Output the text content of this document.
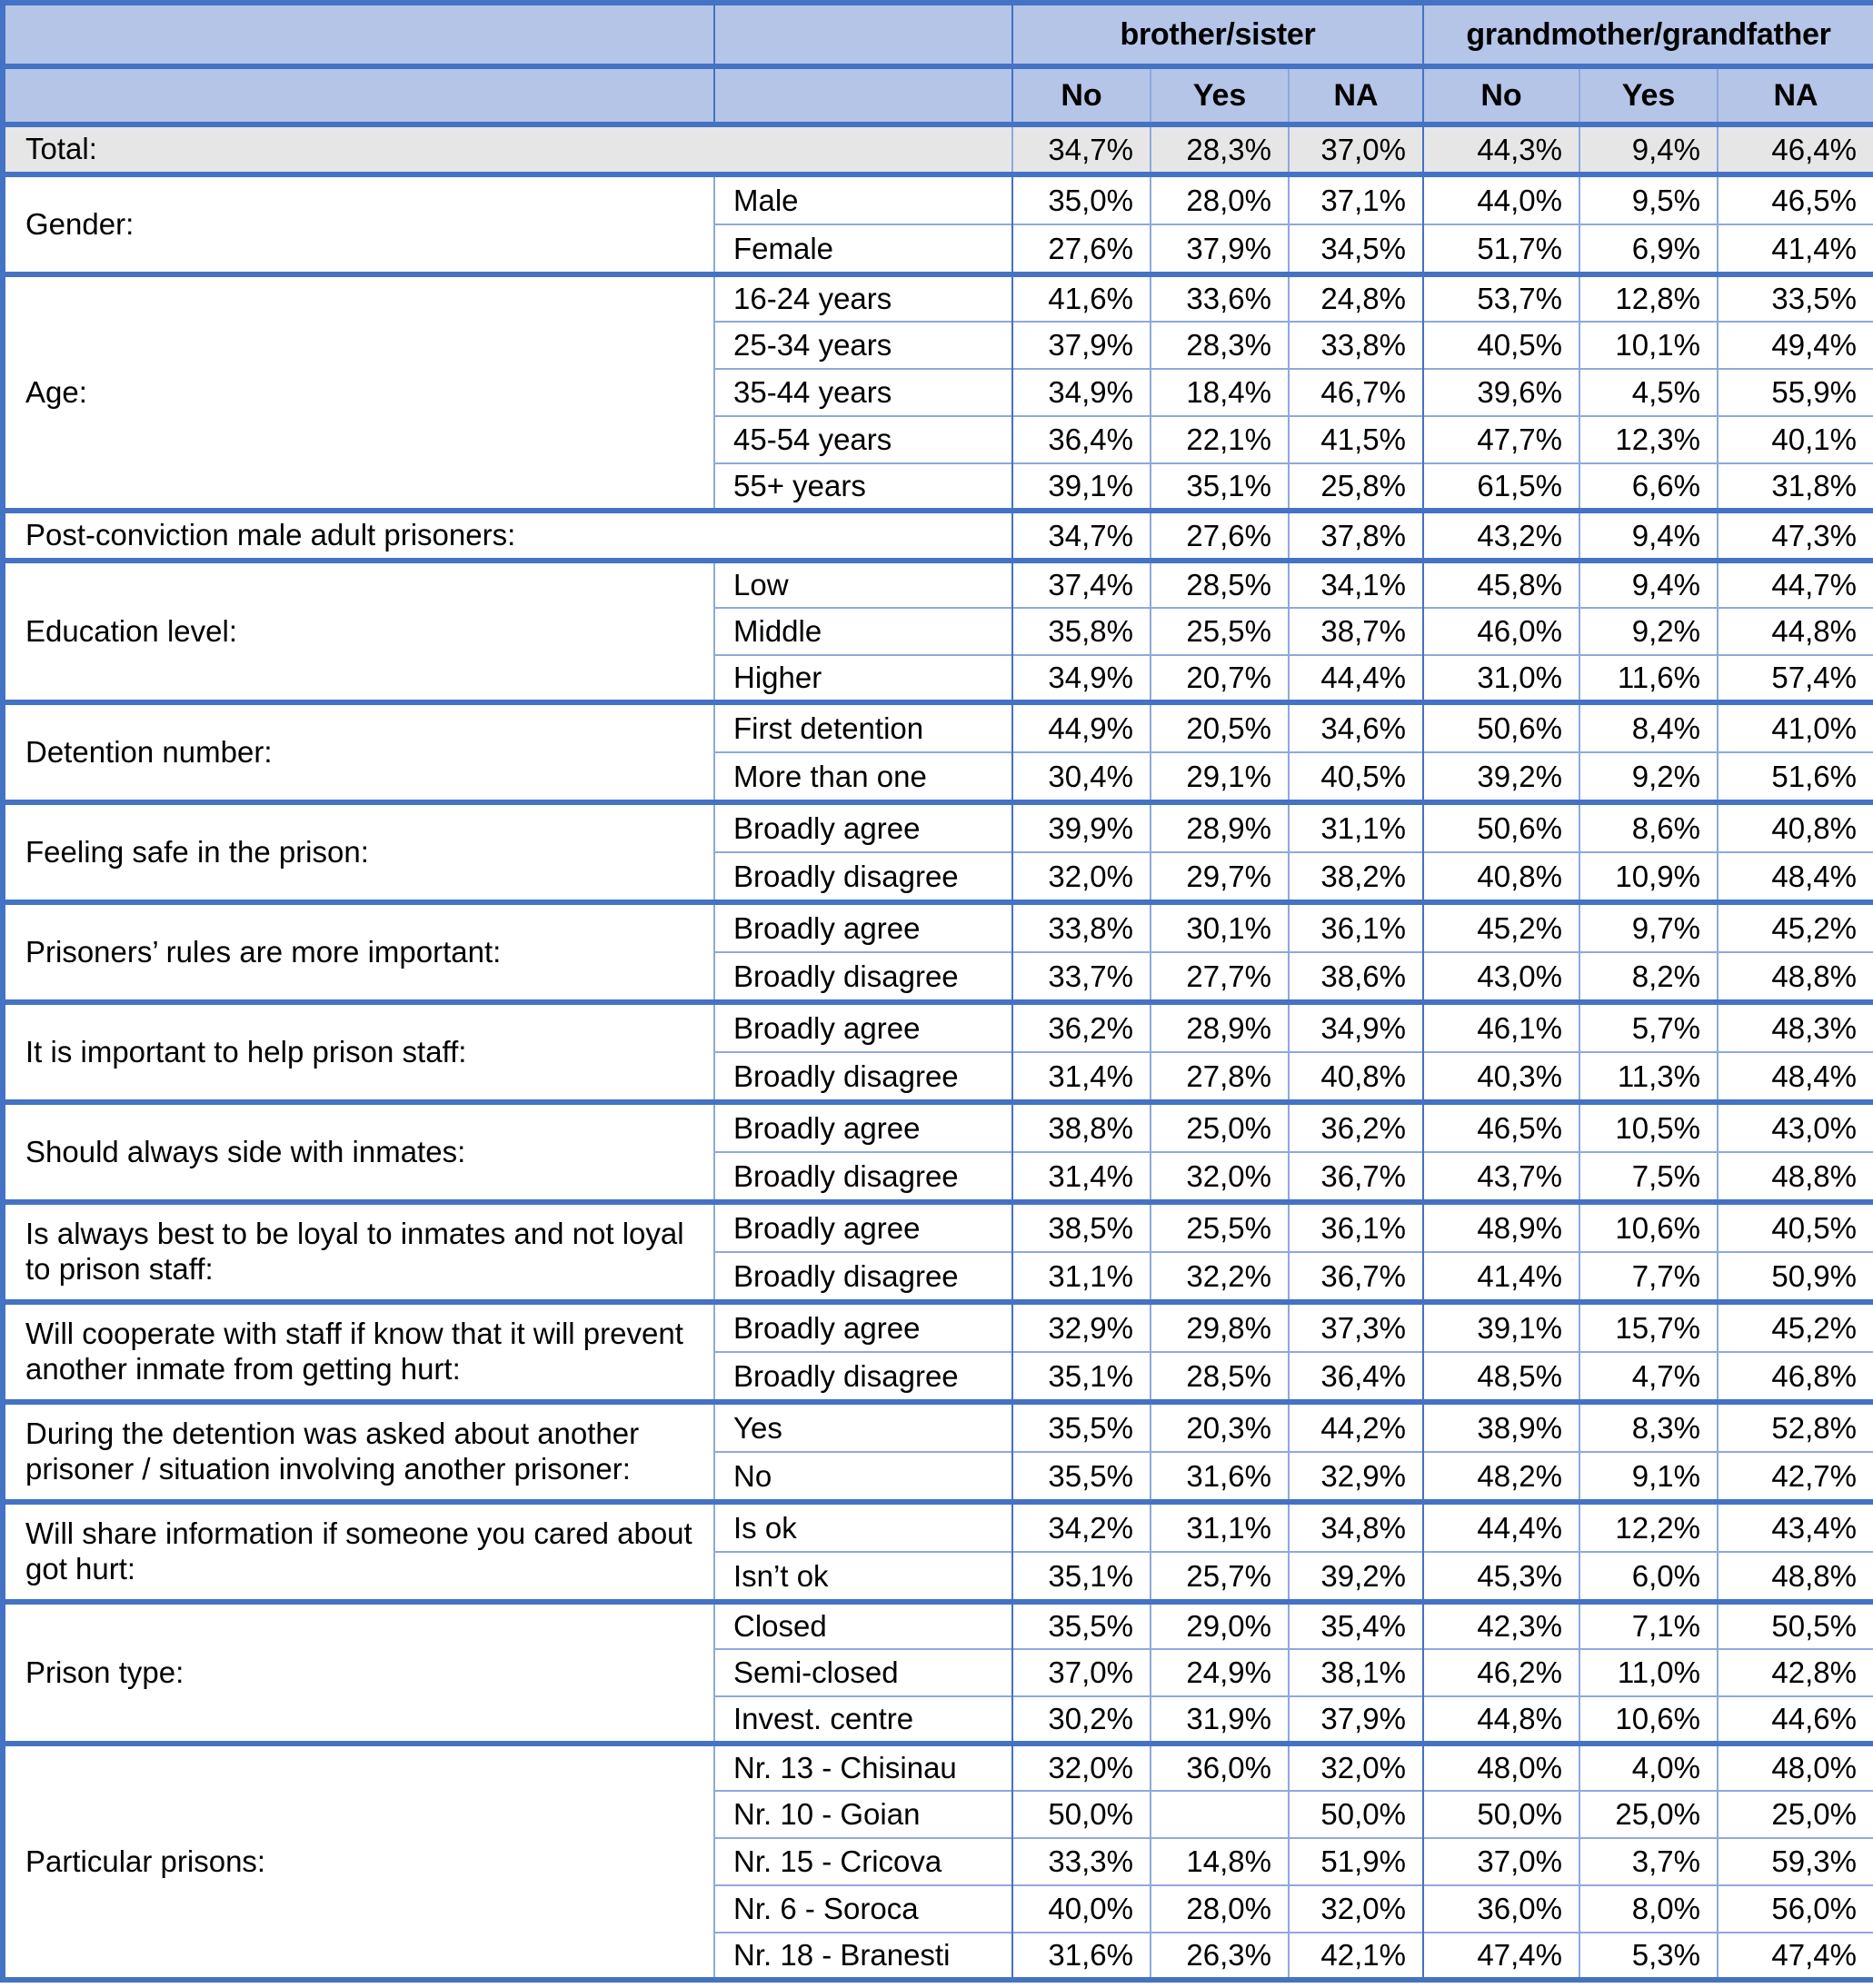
		brother/sister			grandmother/grandfather		
		No	Yes	NA	No	Yes	NA
Total:		34,7%	28,3%	37,0%	44,3%	9,4%	46,4%
Gender:	Male	35,0%	28,0%	37,1%	44,0%	9,5%	46,5%
	Female	27,6%	37,9%	34,5%	51,7%	6,9%	41,4%
Age:	16-24 years	41,6%	33,6%	24,8%	53,7%	12,8%	33,5%
	25-34 years	37,9%	28,3%	33,8%	40,5%	10,1%	49,4%
	35-44 years	34,9%	18,4%	46,7%	39,6%	4,5%	55,9%
	45-54 years	36,4%	22,1%	41,5%	47,7%	12,3%	40,1%
	55+ years	39,1%	35,1%	25,8%	61,5%	6,6%	31,8%
Post-conviction male adult prisoners:		34,7%	27,6%	37,8%	43,2%	9,4%	47,3%
Education level:	Low	37,4%	28,5%	34,1%	45,8%	9,4%	44,7%
	Middle	35,8%	25,5%	38,7%	46,0%	9,2%	44,8%
	Higher	34,9%	20,7%	44,4%	31,0%	11,6%	57,4%
Detention number:	First detention	44,9%	20,5%	34,6%	50,6%	8,4%	41,0%
	More than one	30,4%	29,1%	40,5%	39,2%	9,2%	51,6%
Feeling safe in the prison:	Broadly agree	39,9%	28,9%	31,1%	50,6%	8,6%	40,8%
	Broadly disagree	32,0%	29,7%	38,2%	40,8%	10,9%	48,4%
Prisoners’ rules are more important:	Broadly agree	33,8%	30,1%	36,1%	45,2%	9,7%	45,2%
	Broadly disagree	33,7%	27,7%	38,6%	43,0%	8,2%	48,8%
It is important to help prison staff:	Broadly agree	36,2%	28,9%	34,9%	46,1%	5,7%	48,3%
	Broadly disagree	31,4%	27,8%	40,8%	40,3%	11,3%	48,4%
Should always side with inmates:	Broadly agree	38,8%	25,0%	36,2%	46,5%	10,5%	43,0%
	Broadly disagree	31,4%	32,0%	36,7%	43,7%	7,5%	48,8%
Is always best to be loyal to inmates and not loyal to prison staff:	Broadly agree	38,5%	25,5%	36,1%	48,9%	10,6%	40,5%
	Broadly disagree	31,1%	32,2%	36,7%	41,4%	7,7%	50,9%
Will cooperate with staff if know that it will prevent another inmate from getting hurt:	Broadly agree	32,9%	29,8%	37,3%	39,1%	15,7%	45,2%
	Broadly disagree	35,1%	28,5%	36,4%	48,5%	4,7%	46,8%
During the detention was asked about another prisoner / situation involving another prisoner:	Yes	35,5%	20,3%	44,2%	38,9%	8,3%	52,8%
	No	35,5%	31,6%	32,9%	48,2%	9,1%	42,7%
Will share information if someone you cared about got hurt:	Is ok	34,2%	31,1%	34,8%	44,4%	12,2%	43,4%
	Isn’t ok	35,1%	25,7%	39,2%	45,3%	6,0%	48,8%
Prison type:	Closed	35,5%	29,0%	35,4%	42,3%	7,1%	50,5%
	Semi-closed	37,0%	24,9%	38,1%	46,2%	11,0%	42,8%
	Invest. centre	30,2%	31,9%	37,9%	44,8%	10,6%	44,6%
Particular prisons:	Nr. 13 - Chisinau	32,0%	36,0%	32,0%	48,0%	4,0%	48,0%
	Nr. 10 - Goian	50,0%		50,0%	50,0%	25,0%	25,0%
	Nr. 15 - Cricova	33,3%	14,8%	51,9%	37,0%	3,7%	59,3%
	Nr. 6 - Soroca	40,0%	28,0%	32,0%	36,0%	8,0%	56,0%
	Nr. 18 - Branesti	31,6%	26,3%	42,1%	47,4%	5,3%	47,4%
